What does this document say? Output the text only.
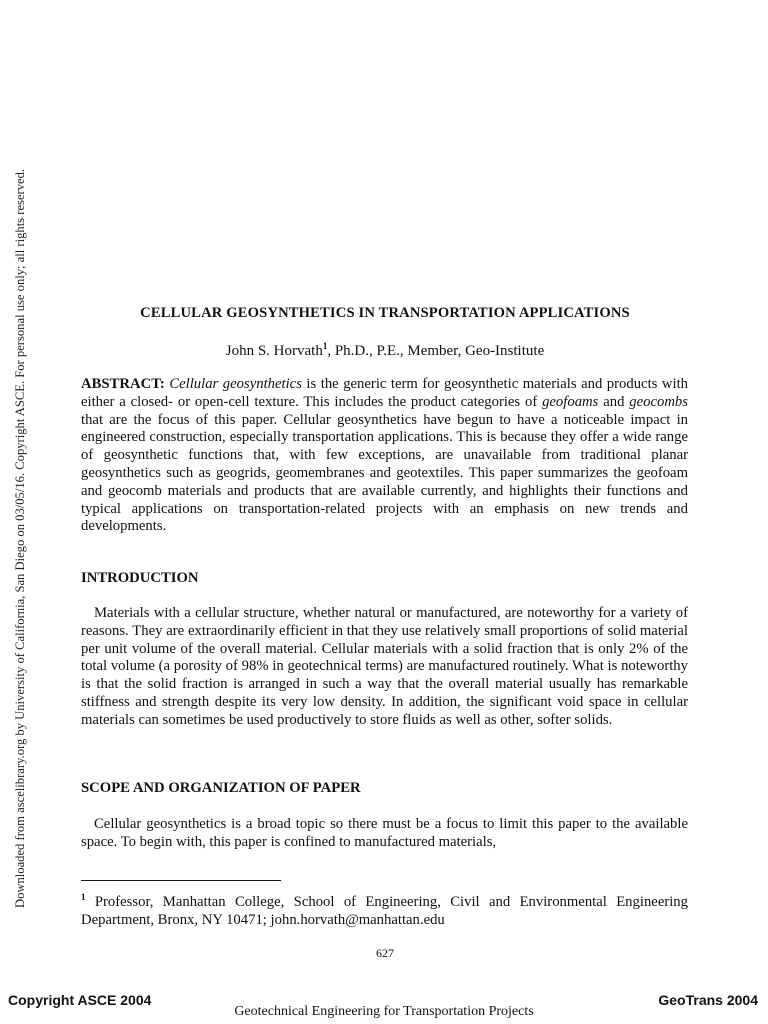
Downloaded from ascelibrary.org by University of California, San Diego on 03/05/16. Copyright ASCE. For personal use only; all rights reserved.	CELLULAR GEOSYNTHETICS IN TRANSPORTATION APPLICATIONS
John S. Horvath$^1$, Ph.D., P.E., Member, Geo-Institute

ABSTRACT: Cellular geosynthetics is the generic term for geosynthetic materials and products with either a closed- or open-cell texture. This includes the product categories of geofoams and geocombs that are the focus of this paper. Cellular geosynthetics have begun to have a noticeable impact in engineered construction, especially transportation applications. This is because they offer a wide range of geosynthetic functions that, with few exceptions, are unavailable from traditional planar geosynthetics such as geogrids, geomembranes and geotextiles. This paper summarizes the geofoam and geocomb materials and products that are available currently, and highlights their functions and typical applications on transportation-related projects with an emphasis on new trends and developments.

INTRODUCTION

Materials with a cellular structure, whether natural or manufactured, are noteworthy for a variety of reasons. They are extraordinarily efficient in that they use relatively small proportions of solid material per unit volume of the overall material. Cellular materials with a solid fraction that is only 2% of the total volume (a porosity of 98% in geotechnical terms) are manufactured routinely. What is noteworthy is that the solid fraction is arranged in such a way that the overall material usually has remarkable stiffness and strength despite its very low density. In addition, the significant void space in cellular materials can sometimes be used productively to store fluids as well as other, softer solids.

SCOPE AND ORGANIZATION OF PAPER

Cellular geosynthetics is a broad topic so there must be a focus to limit this paper to the available space. To begin with, this paper is confined to manufactured materials,

$^1$ Professor, Manhattan College, School of Engineering, Civil and Environmental Engineering Department, Bronx, NY 10471; john.horvath@manhattan.edu

627
Copyright ASCE 2004	GeoTrans 2004
Geotechnical Engineering for Transportation Projects
